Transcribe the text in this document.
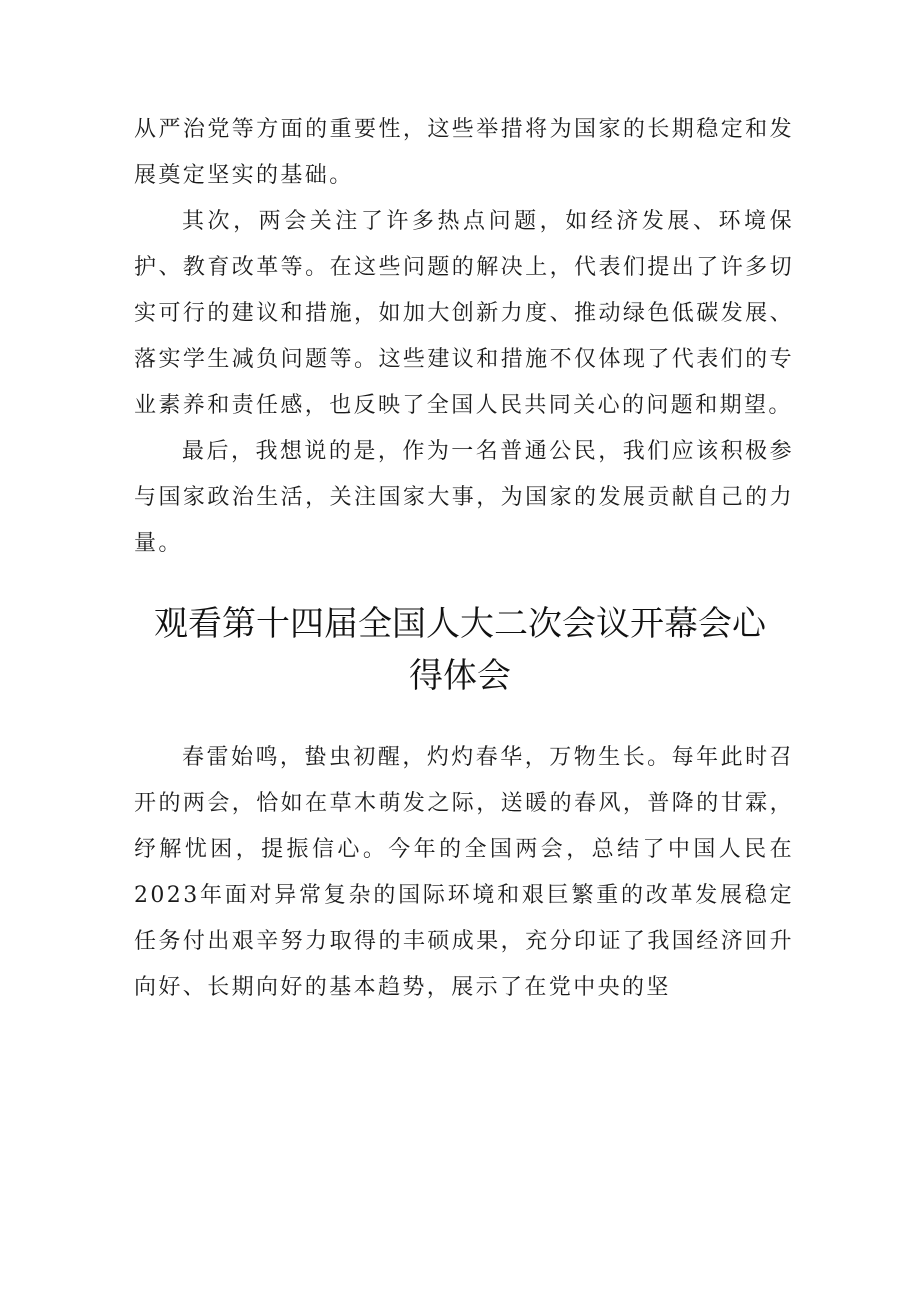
从严治党等方面的重要性，这些举措将为国家的长期稳定和发展奠定坚实的基础。

其次，两会关注了许多热点问题，如经济发展、环境保护、教育改革等。在这些问题的解决上，代表们提出了许多切实可行的建议和措施，如加大创新力度、推动绿色低碳发展、落实学生减负问题等。这些建议和措施不仅体现了代表们的专业素养和责任感，也反映了全国人民共同关心的问题和期望。

最后，我想说的是，作为一名普通公民，我们应该积极参与国家政治生活，关注国家大事，为国家的发展贡献自己的力量。

观看第十四届全国人大二次会议开幕会心
得体会

春雷始鸣，蛰虫初醒，灼灼春华，万物生长。每年此时召开的两会，恰如在草木萌发之际，送暖的春风，普降的甘霖，纾解忧困，提振信心。今年的全国两会，总结了中国人民在2023年面对异常复杂的国际环境和艰巨繁重的改革发展稳定任务付出艰辛努力取得的丰硕成果，充分印证了我国经济回升向好、长期向好的基本趋势，展示了在党中央的坚
